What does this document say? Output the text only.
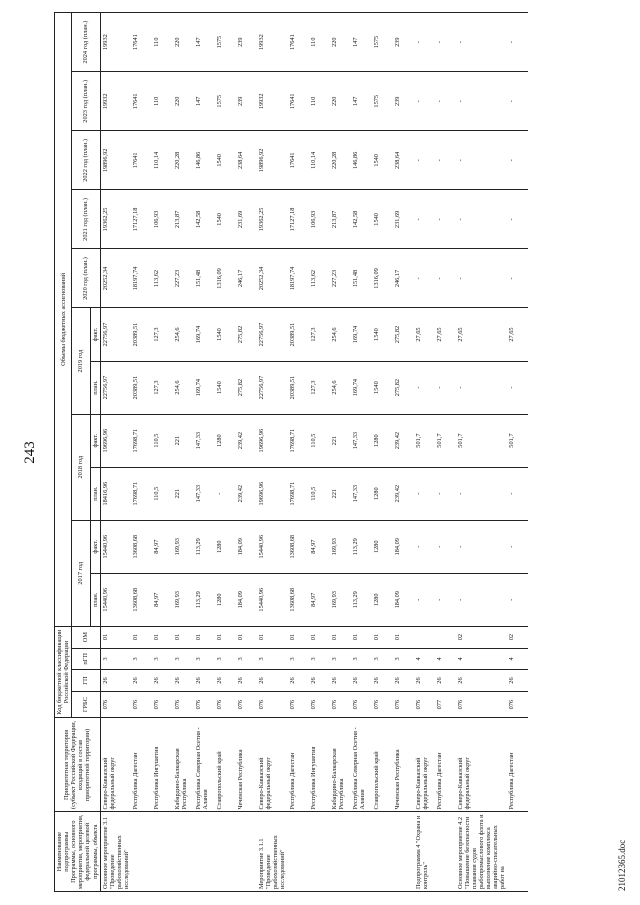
243
Наименование подпрограммы Программы, основного мероприятия, мероприятия, федеральной целевой программы, объекта	Приоритетная территория (субъект Российской Федерации, входящий в состав приоритетной территории)	Код бюджетной классификации Российской Федерации				Объемы бюджетных ассигнований										
		ГРБС	ГП	пГП	ОМ	2017 год		2018 год		2019 год		2020 год (план.)	2021 год (план.)	2022 год (план.)	2023 год (план.)	2024 год (план.)
						план.	факт.	план.	факт.	план.	факт.					
Основное мероприятие 3.1 "Проведение рыбохозяйственных исследований"	Северо-Кавказский федеральный округ	076	26	3	01	15440,96	15440,96	18416,96	19696,96	22756,97	22756,97	20252,34	19362,25	19896,92	19932	19932
	Республика Дагестан	076	26	3	01	13608,68	13608,68	17698,71	17698,71	20389,51	20389,51	18197,74	17127,18	17641	17641	17641
	Республика Ингушетия	076	26	3	01	84,97	84,97	110,5	110,5	127,3	127,3	113,62	106,93	110,14	110	110
	Кабардино-Балкарская Республика	076	26	3	01	169,93	169,93	221	221	254,6	254,6	227,23	213,87	220,28	220	220
	Республика Северная Осетия - Алания	076	26	3	01	113,29	113,29	147,33	147,33	169,74	169,74	151,48	142,58	146,86	147	147
	Ставропольский край	076	26	3	01	1280	1280	-	1280	1540	1540	1316,09	1540	1540	1575	1575
	Чеченская Республика	076	26	3	01	184,09	184,09	239,42	239,42	275,82	275,82	246,17	231,69	238,64	239	239
Мероприятие 3.1.1 "Проведение рыбохозяйственных исследований"	Северо-Кавказский федеральный округ	076	26	3	01	15440,96	15440,96	19696,96	19696,96	22756,97	22756,97	20252,34	19362,25	19896,92	19932	19932
	Республика Дагестан	076	26	3	01	13608,68	13608,68	17698,71	17698,71	20389,51	20389,51	18197,74	17127,18	17641	17641	17641
	Республика Ингушетия	076	26	3	01	84,97	84,97	110,5	110,5	127,3	127,3	113,62	106,93	110,14	110	110
	Кабардино-Балкарская Республика	076	26	3	01	169,93	169,93	221	221	254,6	254,6	227,23	213,87	220,28	220	220
	Республика Северная Осетия - Алания	076	26	3	01	113,29	113,29	147,33	147,33	169,74	169,74	151,48	142,58	146,86	147	147
	Ставропольский край	076	26	3	01	1280	1280	1280	1280	1540	1540	1316,09	1540	1540	1575	1575
	Чеченская Республика	076	26	3	01	184,09	184,09	239,42	239,42	275,82	275,82	246,17	231,69	238,64	239	239
Подпрограмма 4 "Охрана и контроль"	Северо-Кавказский федеральный округ	076	26	4		-	-	-	501,7	-	27,65	-	-	-	-	-
	Республика Дагестан	077	26	4		-	-	-	501,7	-	27,65	-	-	-	-	-
Основное мероприятие 4.2 "Повышение безопасности плавания судов рыбопромыслового флота и выполнение комплекса аварийно-спасательных работ на	Северо-Кавказский федеральный округ	076	26	4	02	-	-	-	501,7	-	27,65	-	-	-	-	-
	Республика Дагестан	076	26	4	02	-	-	-	501,7	-	27,65	-	-	-	-	-
21012365.doc
